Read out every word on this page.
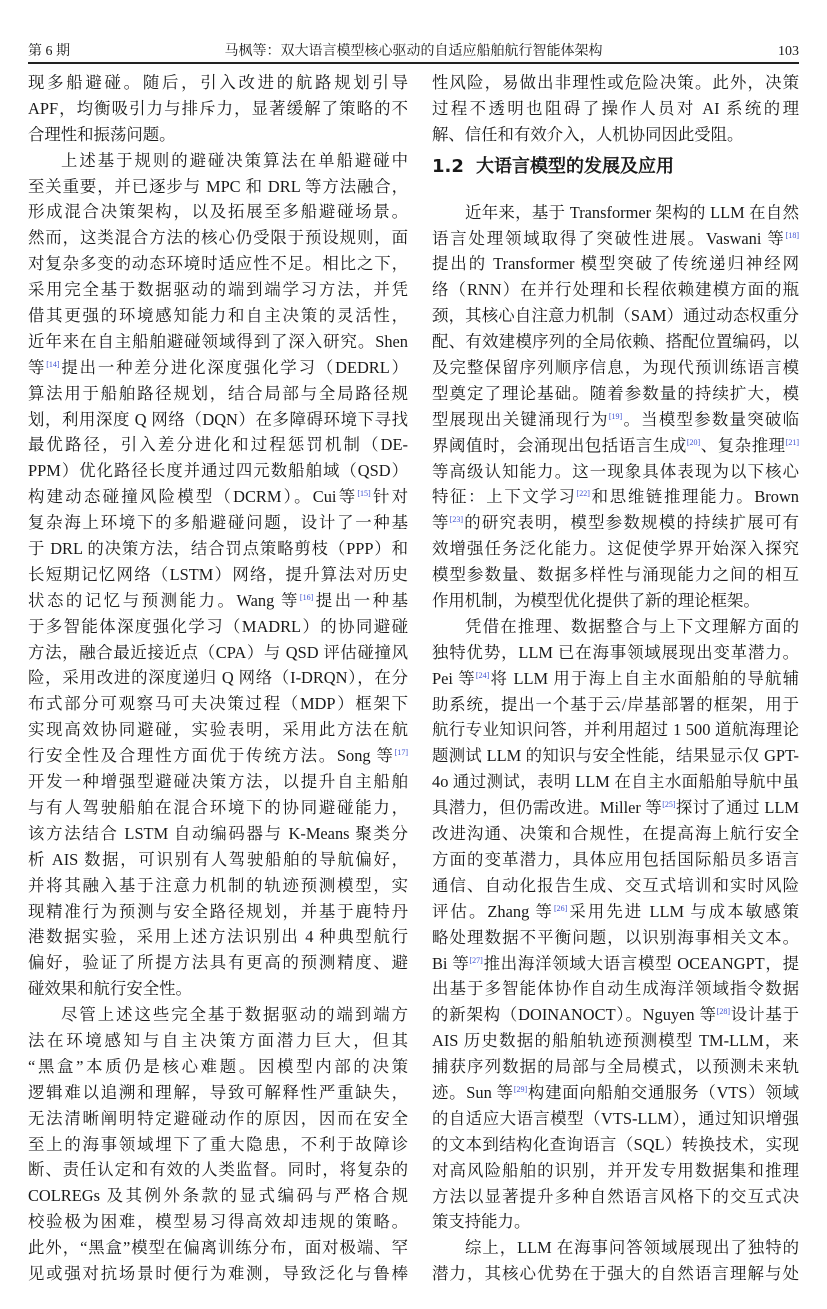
第 6 期	马枫等：双大语言模型核心驱动的自适应船舶航行智能体架构	103
现多船避碰。随后，引入改进的航路规划引导
APF，均衡吸引力与排斥力，显著缓解了策略的不
合理性和振荡问题。
上述基于规则的避碰决策算法在单船避碰中
至关重要，并已逐步与 MPC 和 DRL 等方法融合，
形成混合决策架构，以及拓展至多船避碰场景。
然而，这类混合方法的核心仍受限于预设规则，面
对复杂多变的动态环境时适应性不足。相比之下，
采用完全基于数据驱动的端到端学习方法，并凭
借其更强的环境感知能力和自主决策的灵活性，
近年来在自主船舶避碰领域得到了深入研究。Shen
等[14]提出一种差分进化深度强化学习（DEDRL）
算法用于船舶路径规划，结合局部与全局路径规
划，利用深度 Q 网络（DQN）在多障碍环境下寻找
最优路径，引入差分进化和过程惩罚机制（DE-
PPM）优化路径长度并通过四元数船舶域（QSD）
构建动态碰撞风险模型（DCRM）。Cui等[15]针对
复杂海上环境下的多船避碰问题，设计了一种基
于 DRL 的决策方法，结合罚点策略剪枝（PPP）和
长短期记忆网络（LSTM）网络，提升算法对历史
状态的记忆与预测能力。Wang 等[16]提出一种基
于多智能体深度强化学习（MADRL）的协同避碰
方法，融合最近接近点（CPA）与 QSD 评估碰撞风
险，采用改进的深度递归 Q 网络（I-DRQN），在分
布式部分可观察马可夫决策过程（MDP）框架下
实现高效协同避碰，实验表明，采用此方法在航
行安全性及合理性方面优于传统方法。Song 等[17]
开发一种增强型避碰决策方法，以提升自主船舶
与有人驾驶船舶在混合环境下的协同避碰能力，
该方法结合 LSTM 自动编码器与 K-Means 聚类分
析 AIS 数据，可识别有人驾驶船舶的导航偏好，
并将其融入基于注意力机制的轨迹预测模型，实
现精准行为预测与安全路径规划，并基于鹿特丹
港数据实验，采用上述方法识别出 4 种典型航行
偏好，验证了所提方法具有更高的预测精度、避
碰效果和航行安全性。
尽管上述这些完全基于数据驱动的端到端方
法在环境感知与自主决策方面潜力巨大，但其
“黑盒”本质仍是核心难题。因模型内部的决策
逻辑难以追溯和理解，导致可解释性严重缺失，
无法清晰阐明特定避碰动作的原因，因而在安全
至上的海事领域埋下了重大隐患，不利于故障诊
断、责任认定和有效的人类监督。同时，将复杂的
COLREGs 及其例外条款的显式编码与严格合规
校验极为困难，模型易习得高效却违规的策略。
此外，“黑盒”模型在偏离训练分布，面对极端、罕
见或强对抗场景时便行为难测，导致泛化与鲁棒
性风险，易做出非理性或危险决策。此外，决策
过程不透明也阻碍了操作人员对 AI 系统的理
解、信任和有效介入，人机协同因此受阻。
1.2 大语言模型的发展及应用
近年来，基于 Transformer 架构的 LLM 在自然
语言处理领域取得了突破性进展。Vaswani 等[18]
提出的 Transformer 模型突破了传统递归神经网
络（RNN）在并行处理和长程依赖建模方面的瓶
颈，其核心自注意力机制（SAM）通过动态权重分
配、有效建模序列的全局依赖、搭配位置编码，以
及完整保留序列顺序信息，为现代预训练语言模
型奠定了理论基础。随着参数量的持续扩大，模
型展现出关键涌现行为[19]。当模型参数量突破临
界阈值时，会涌现出包括语言生成[20]、复杂推理[21]
等高级认知能力。这一现象具体表现为以下核心
特征：上下文学习[22]和思维链推理能力。Brown
等[23]的研究表明，模型参数规模的持续扩展可有
效增强任务泛化能力。这促使学界开始深入探究
模型参数量、数据多样性与涌现能力之间的相互
作用机制，为模型优化提供了新的理论框架。
凭借在推理、数据整合与上下文理解方面的
独特优势，LLM 已在海事领域展现出变革潜力。
Pei 等[24]将 LLM 用于海上自主水面船舶的导航辅
助系统，提出一个基于云/岸基部署的框架，用于
航行专业知识问答，并利用超过 1 500 道航海理论
题测试 LLM 的知识与安全性能，结果显示仅 GPT-
4o 通过测试，表明 LLM 在自主水面船舶导航中虽
具潜力，但仍需改进。Miller 等[25]探讨了通过 LLM
改进沟通、决策和合规性，在提高海上航行安全
方面的变革潜力，具体应用包括国际船员多语言
通信、自动化报告生成、交互式培训和实时风险
评估。Zhang 等[26]采用先进 LLM 与成本敏感策
略处理数据不平衡问题，以识别海事相关文本。
Bi 等[27]推出海洋领域大语言模型 OCEANGPT，提
出基于多智能体协作自动生成海洋领域指令数据
的新架构（DOINANOCT）。Nguyen 等[28]设计基于
AIS 历史数据的船舶轨迹预测模型 TM-LLM，来
捕获序列数据的局部与全局模式，以预测未来轨
迹。Sun 等[29]构建面向船舶交通服务（VTS）领域
的自适应大语言模型（VTS-LLM），通过知识增强
的文本到结构化查询语言（SQL）转换技术，实现
对高风险船舶的识别，并开发专用数据集和推理
方法以显著提升多种自然语言风格下的交互式决
策支持能力。
综上，LLM 在海事问答领域展现出了独特的
潜力，其核心优势在于强大的自然语言理解与处
